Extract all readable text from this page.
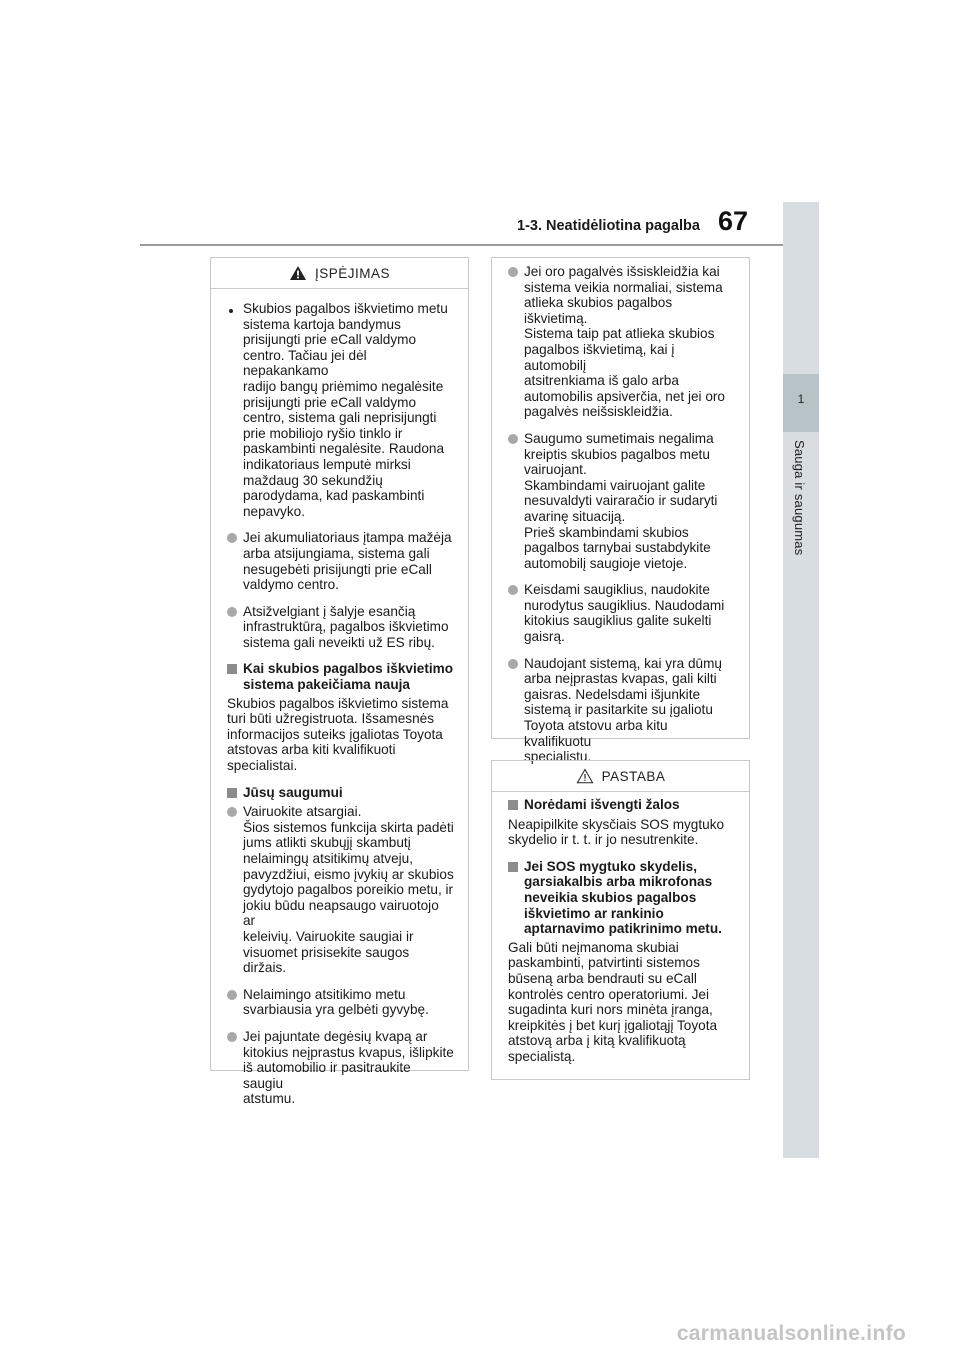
1-3. Neatidėliotina pagalba 67
1
Sauga ir saugumas
ĮSPĖJIMAS
Skubios pagalbos iškvietimo metu
sistema kartoja bandymus
prisijungti prie eCall valdymo
centro. Tačiau jei dėl nepakankamo
radijo bangų priėmimo negalėsite
prisijungti prie eCall valdymo
centro, sistema gali neprisijungti
prie mobiliojo ryšio tinklo ir
paskambinti negalėsite. Raudona
indikatoriaus lemputė mirksi
maždaug 30 sekundžių
parodydama, kad paskambinti
nepavyko.
Jei akumuliatoriaus įtampa mažėja
arba atsijungiama, sistema gali
nesugebėti prisijungti prie eCall
valdymo centro.
Atsižvelgiant į šalyje esančią
infrastruktūrą, pagalbos iškvietimo
sistema gali neveikti už ES ribų.
Kai skubios pagalbos iškvietimo
sistema pakeičiama nauja
Skubios pagalbos iškvietimo sistema
turi būti užregistruota. Išsamesnės
informacijos suteiks įgaliotas Toyota
atstovas arba kiti kvalifikuoti
specialistai.
Jūsų saugumui
Vairuokite atsargiai.
Šios sistemos funkcija skirta padėti
jums atlikti skubųjį skambutį
nelaimingų atsitikimų atveju,
pavyzdžiui, eismo įvykių ar skubios
gydytojo pagalbos poreikio metu, ir
jokiu būdu neapsaugo vairuotojo ar
keleivių. Vairuokite saugiai ir
visuomet prisisekite saugos diržais.
Nelaimingo atsitikimo metu
svarbiausia yra gelbėti gyvybę.
Jei pajuntate degėsių kvapą ar
kitokius neįprastus kvapus, išlipkite
iš automobilio ir pasitraukite saugiu
atstumu.
Jei oro pagalvės išsiskleidžia kai
sistema veikia normaliai, sistema
atlieka skubios pagalbos iškvietimą.
Sistema taip pat atlieka skubios
pagalbos iškvietimą, kai į automobilį
atsitrenkiama iš galo arba
automobilis apsiverčia, net jei oro
pagalvės neišsiskleidžia.
Saugumo sumetimais negalima
kreiptis skubios pagalbos metu
vairuojant.
Skambindami vairuojant galite
nesuvaldyti vairaračio ir sudaryti
avarinę situaciją.
Prieš skambindami skubios
pagalbos tarnybai sustabdykite
automobilį saugioje vietoje.
Keisdami saugiklius, naudokite
nurodytus saugiklius. Naudodami
kitokius saugiklius galite sukelti
gaisrą.
Naudojant sistemą, kai yra dūmų
arba neįprastas kvapas, gali kilti
gaisras. Nedelsdami išjunkite
sistemą ir pasitarkite su įgaliotu
Toyota atstovu arba kitu kvalifikuotu
specialistu.
PASTABA
Norėdami išvengti žalos
Neapipilkite skysčiais SOS mygtuko
skydelio ir t. t. ir jo nesutrenkite.
Jei SOS mygtuko skydelis,
garsiakalbis arba mikrofonas
neveikia skubios pagalbos
iškvietimo ar rankinio
aptarnavimo patikrinimo metu.
Gali būti neįmanoma skubiai
paskambinti, patvirtinti sistemos
būseną arba bendrauti su eCall
kontrolės centro operatoriumi. Jei
sugadinta kuri nors minėta įranga,
kreipkitės į bet kurį įgaliotąjį Toyota
atstovą arba į kitą kvalifikuotą
specialistą.
carmanualsonline.info
